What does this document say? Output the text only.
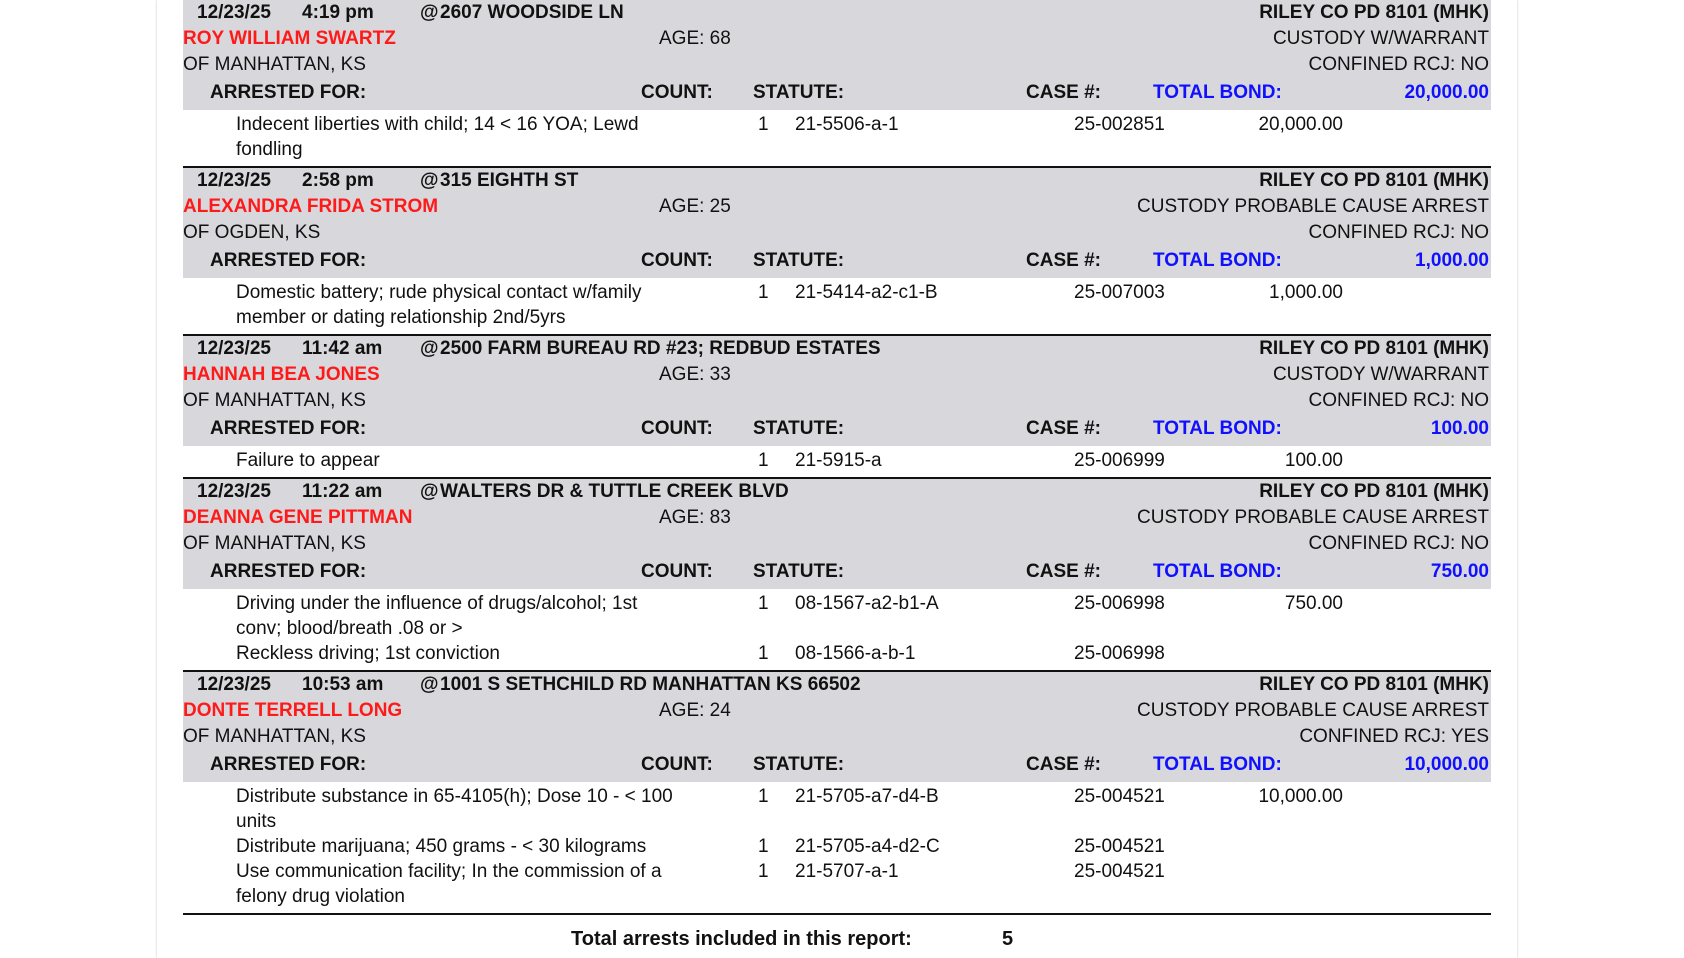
12/23/25 4:19 pm @ 2607 WOODSIDE LN	RILEY CO PD 8101 (MHK)
ROY WILLIAM SWARTZ	AGE: 68	CUSTODY W/WARRANT
OF MANHATTAN, KS	CONFINED RCJ: NO
ARRESTED FOR:	COUNT: STATUTE:	CASE #:	TOTAL BOND:	20,000.00
Indecent liberties with child; 14 < 16 YOA; Lewd fondling
1 21-5506-a-1	25-002851	20,000.00
12/23/25 2:58 pm @ 315 EIGHTH ST	RILEY CO PD 8101 (MHK)
ALEXANDRA FRIDA STROM	AGE: 25	CUSTODY PROBABLE CAUSE ARREST
OF OGDEN, KS	CONFINED RCJ: NO
ARRESTED FOR:	COUNT: STATUTE:	CASE #:	TOTAL BOND:	1,000.00
Domestic battery; rude physical contact w/family member or dating relationship 2nd/5yrs
1 21-5414-a2-c1-B	25-007003	1,000.00
12/23/25 11:42 am @ 2500 FARM BUREAU RD #23; REDBUD ESTATES	RILEY CO PD 8101 (MHK)
HANNAH BEA JONES	AGE: 33	CUSTODY W/WARRANT
OF MANHATTAN, KS	CONFINED RCJ: NO
ARRESTED FOR:	COUNT: STATUTE:	CASE #:	TOTAL BOND:	100.00
Failure to appear	1 21-5915-a	25-006999	100.00
12/23/25 11:22 am @ WALTERS DR & TUTTLE CREEK BLVD	RILEY CO PD 8101 (MHK)
DEANNA GENE PITTMAN	AGE: 83	CUSTODY PROBABLE CAUSE ARREST
OF MANHATTAN, KS	CONFINED RCJ: NO
ARRESTED FOR:	COUNT: STATUTE:	CASE #:	TOTAL BOND:	750.00
Driving under the influence of drugs/alcohol; 1st conv; blood/breath .08 or >
1 08-1567-a2-b1-A	25-006998	750.00
Reckless driving; 1st conviction	1 08-1566-a-b-1	25-006998
12/23/25 10:53 am @ 1001 S SETHCHILD RD MANHATTAN KS 66502	RILEY CO PD 8101 (MHK)
DONTE TERRELL LONG	AGE: 24	CUSTODY PROBABLE CAUSE ARREST
OF MANHATTAN, KS	CONFINED RCJ: YES
ARRESTED FOR:	COUNT: STATUTE:	CASE #:	TOTAL BOND:	10,000.00
Distribute substance in 65-4105(h); Dose 10 - < 100 units
1 21-5705-a7-d4-B	25-004521	10,000.00
Distribute marijuana; 450 grams - < 30 kilograms	1 21-5705-a4-d2-C	25-004521
Use communication facility; In the commission of a felony drug violation
1 21-5707-a-1	25-004521
Total arrests included in this report:	5
